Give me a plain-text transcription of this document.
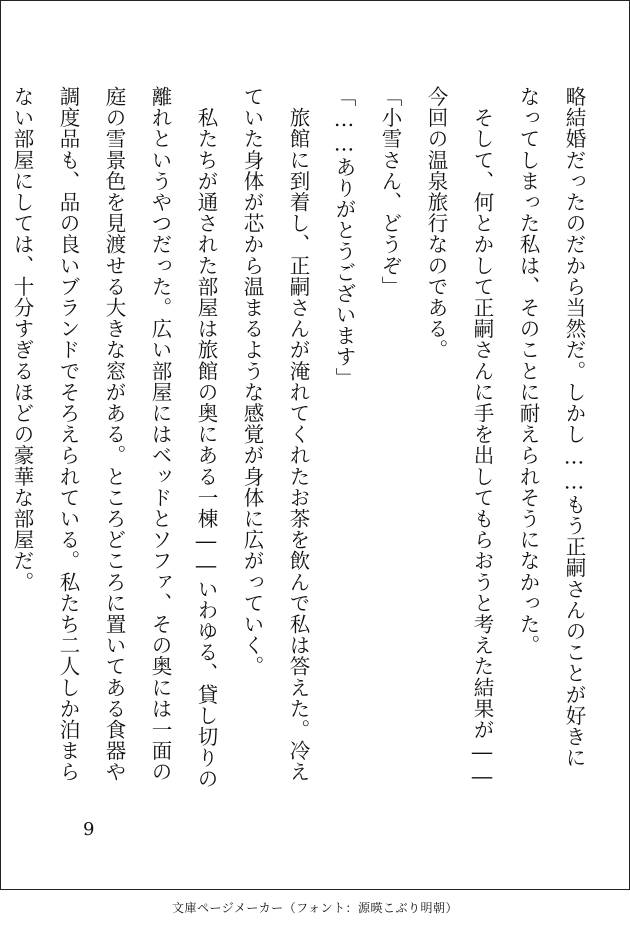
略結婚だったのだから当然だ。しかし……もう正嗣さんのことが好きに
なってしまった私は、そのことに耐えられそうになかった。
　そして、何とかして正嗣さんに手を出してもらおうと考えた結果が――
今回の温泉旅行なのである。
「小雪さん、どうぞ」
「……ありがとうございます」
　旅館に到着し、正嗣さんが淹れてくれたお茶を飲んで私は答えた。冷え
ていた身体が芯から温まるような感覚が身体に広がっていく。
　私たちが通された部屋は旅館の奥にある一棟――いわゆる、貸し切りの
離れというやつだった。広い部屋にはベッドとソファ、その奥には一面の
庭の雪景色を見渡せる大きな窓がある。ところどころに置いてある食器や
調度品も、品の良いブランドでそろえられている。私たち二人しか泊まら
ない部屋にしては、十分すぎるほどの豪華な部屋だ。
9
文庫ページメーカー（フォント：源暎こぶり明朝）
